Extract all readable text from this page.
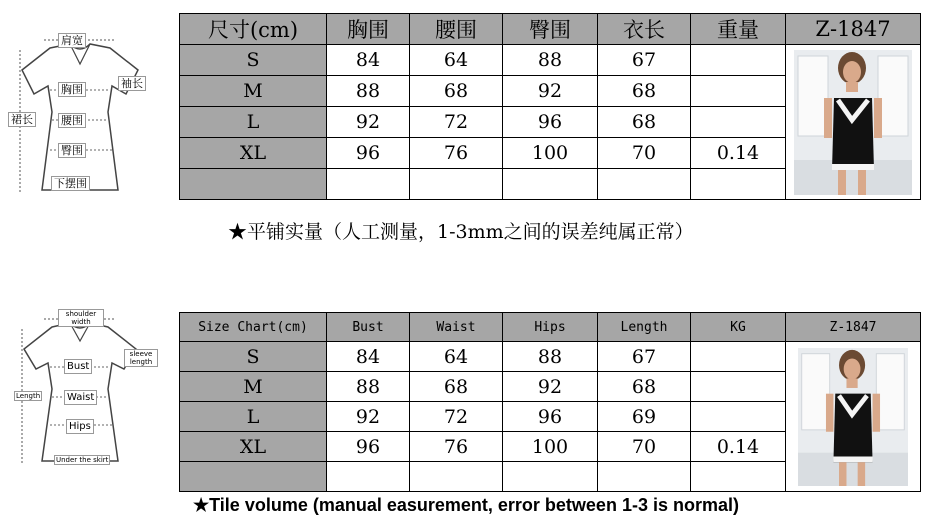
肩宽
袖长
胸围
腰围
臀围
裙长
下摆围
尺寸(cm)	胸围	腰围	臀围	衣长	重量	Z-1847
S	84	64	88	67		

M	88	68	92	68		
L	92	72	96	68		
XL	96	76	100	70	0.14	

★平铺实量（人工测量，1-3mm之间的误差纯属正常）
shoulder width
sleeve length
Bust
Waist
Hips
Length
Under the skirt
Size Chart(cm)	Bust	Waist	Hips	Length	KG	Z-1847
S	84	64	88	67		

M	88	68	92	68		
L	92	72	96	69		
XL	96	76	100	70	0.14	

★Tile volume (manual easurement, error between 1-3 is normal)
